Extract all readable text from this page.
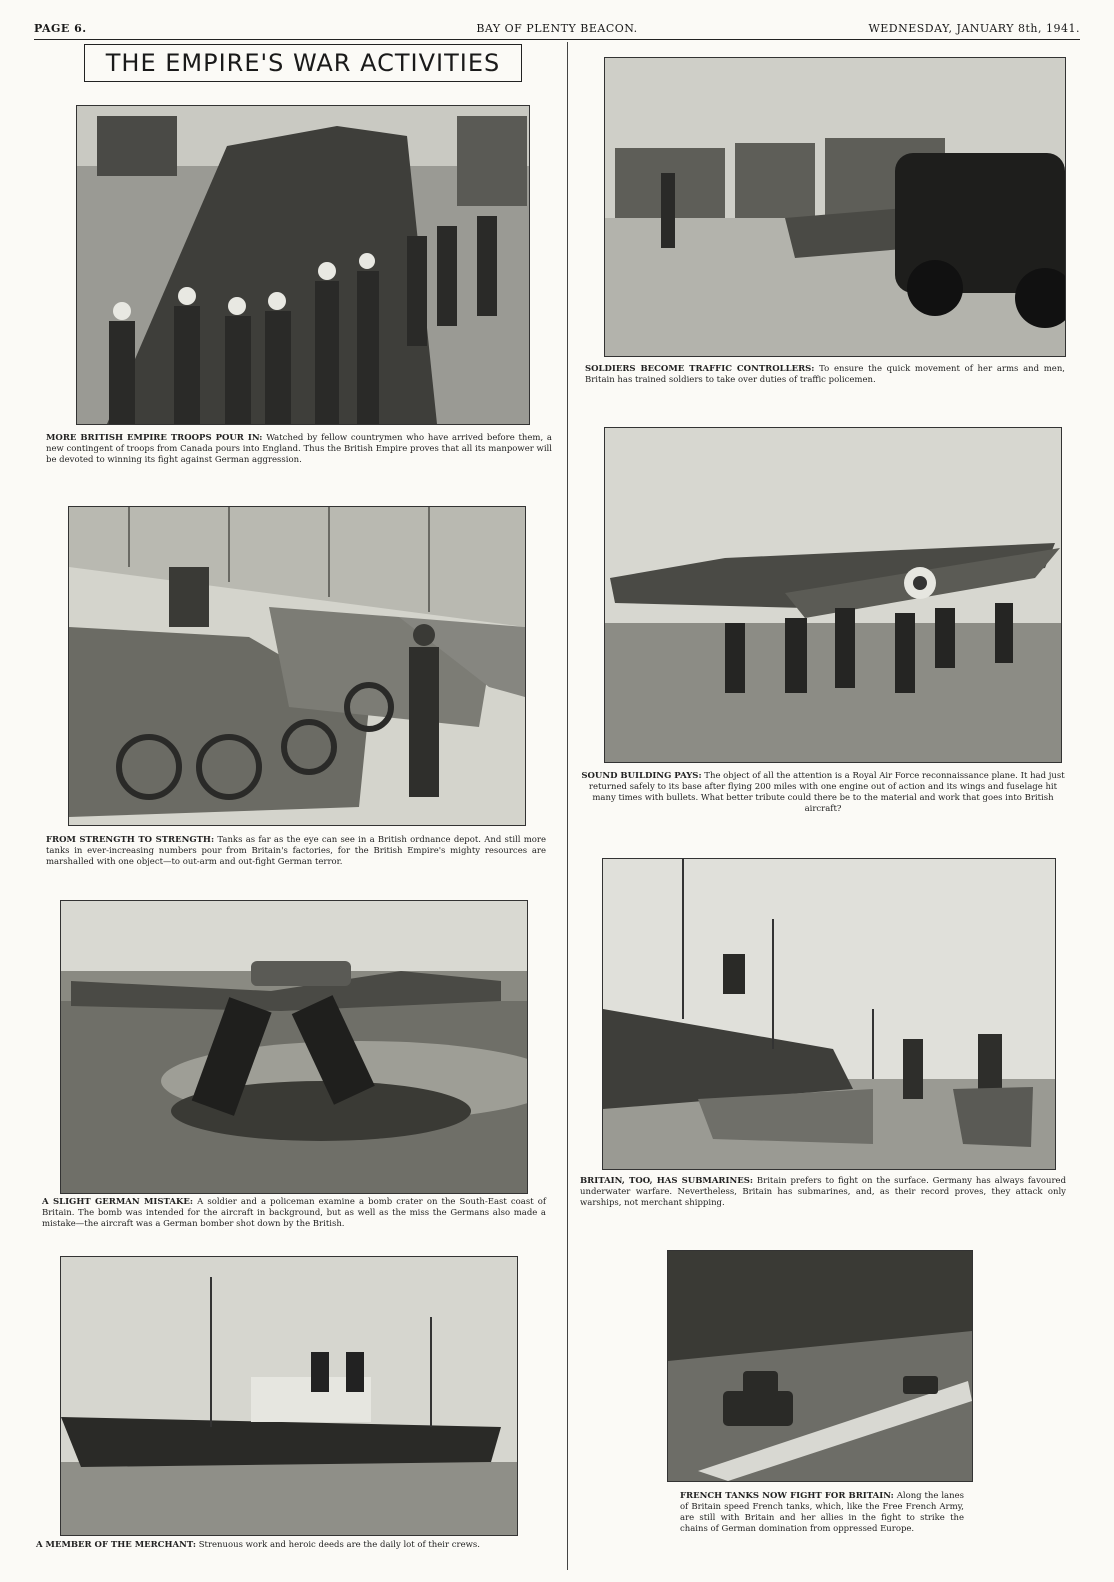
PAGE 6.	BAY OF PLENTY BEACON.	WEDNESDAY, JANUARY 8th, 1941.
THE EMPIRE'S WAR ACTIVITIES
MORE BRITISH EMPIRE TROOPS POUR IN: Watched by fellow countrymen who have arrived before them, a new contingent of troops from Canada pours into England. Thus the British Empire proves that all its manpower will be devoted to winning its fight against German aggression.
FROM STRENGTH TO STRENGTH: Tanks as far as the eye can see in a British ordnance depot. And still more tanks in ever-increasing numbers pour from Britain's factories, for the British Empire's mighty resources are marshalled with one object—to out-arm and out-fight German terror.
A SLIGHT GERMAN MISTAKE: A soldier and a policeman examine a bomb crater on the South-East coast of Britain. The bomb was intended for the aircraft in background, but as well as the miss the Germans also made a mistake—the aircraft was a German bomber shot down by the British.
A MEMBER OF THE MERCHANT: Strenuous work and heroic deeds are the daily lot of their crews.
SOLDIERS BECOME TRAFFIC CONTROLLERS: To ensure the quick movement of her arms and men, Britain has trained soldiers to take over duties of traffic policemen.
SOUND BUILDING PAYS: The object of all the attention is a Royal Air Force reconnaissance plane. It had just returned safely to its base after flying 200 miles with one engine out of action and its wings and fuselage hit many times with bullets. What better tribute could there be to the material and work that goes into British aircraft?
BRITAIN, TOO, HAS SUBMARINES: Britain prefers to fight on the surface. Germany has always favoured underwater warfare. Nevertheless, Britain has submarines, and, as their record proves, they attack only warships, not merchant shipping.
FRENCH TANKS NOW FIGHT FOR BRITAIN: Along the lanes of Britain speed French tanks, which, like the Free French Army, are still with Britain and her allies in the fight to strike the chains of German domination from oppressed Europe.
